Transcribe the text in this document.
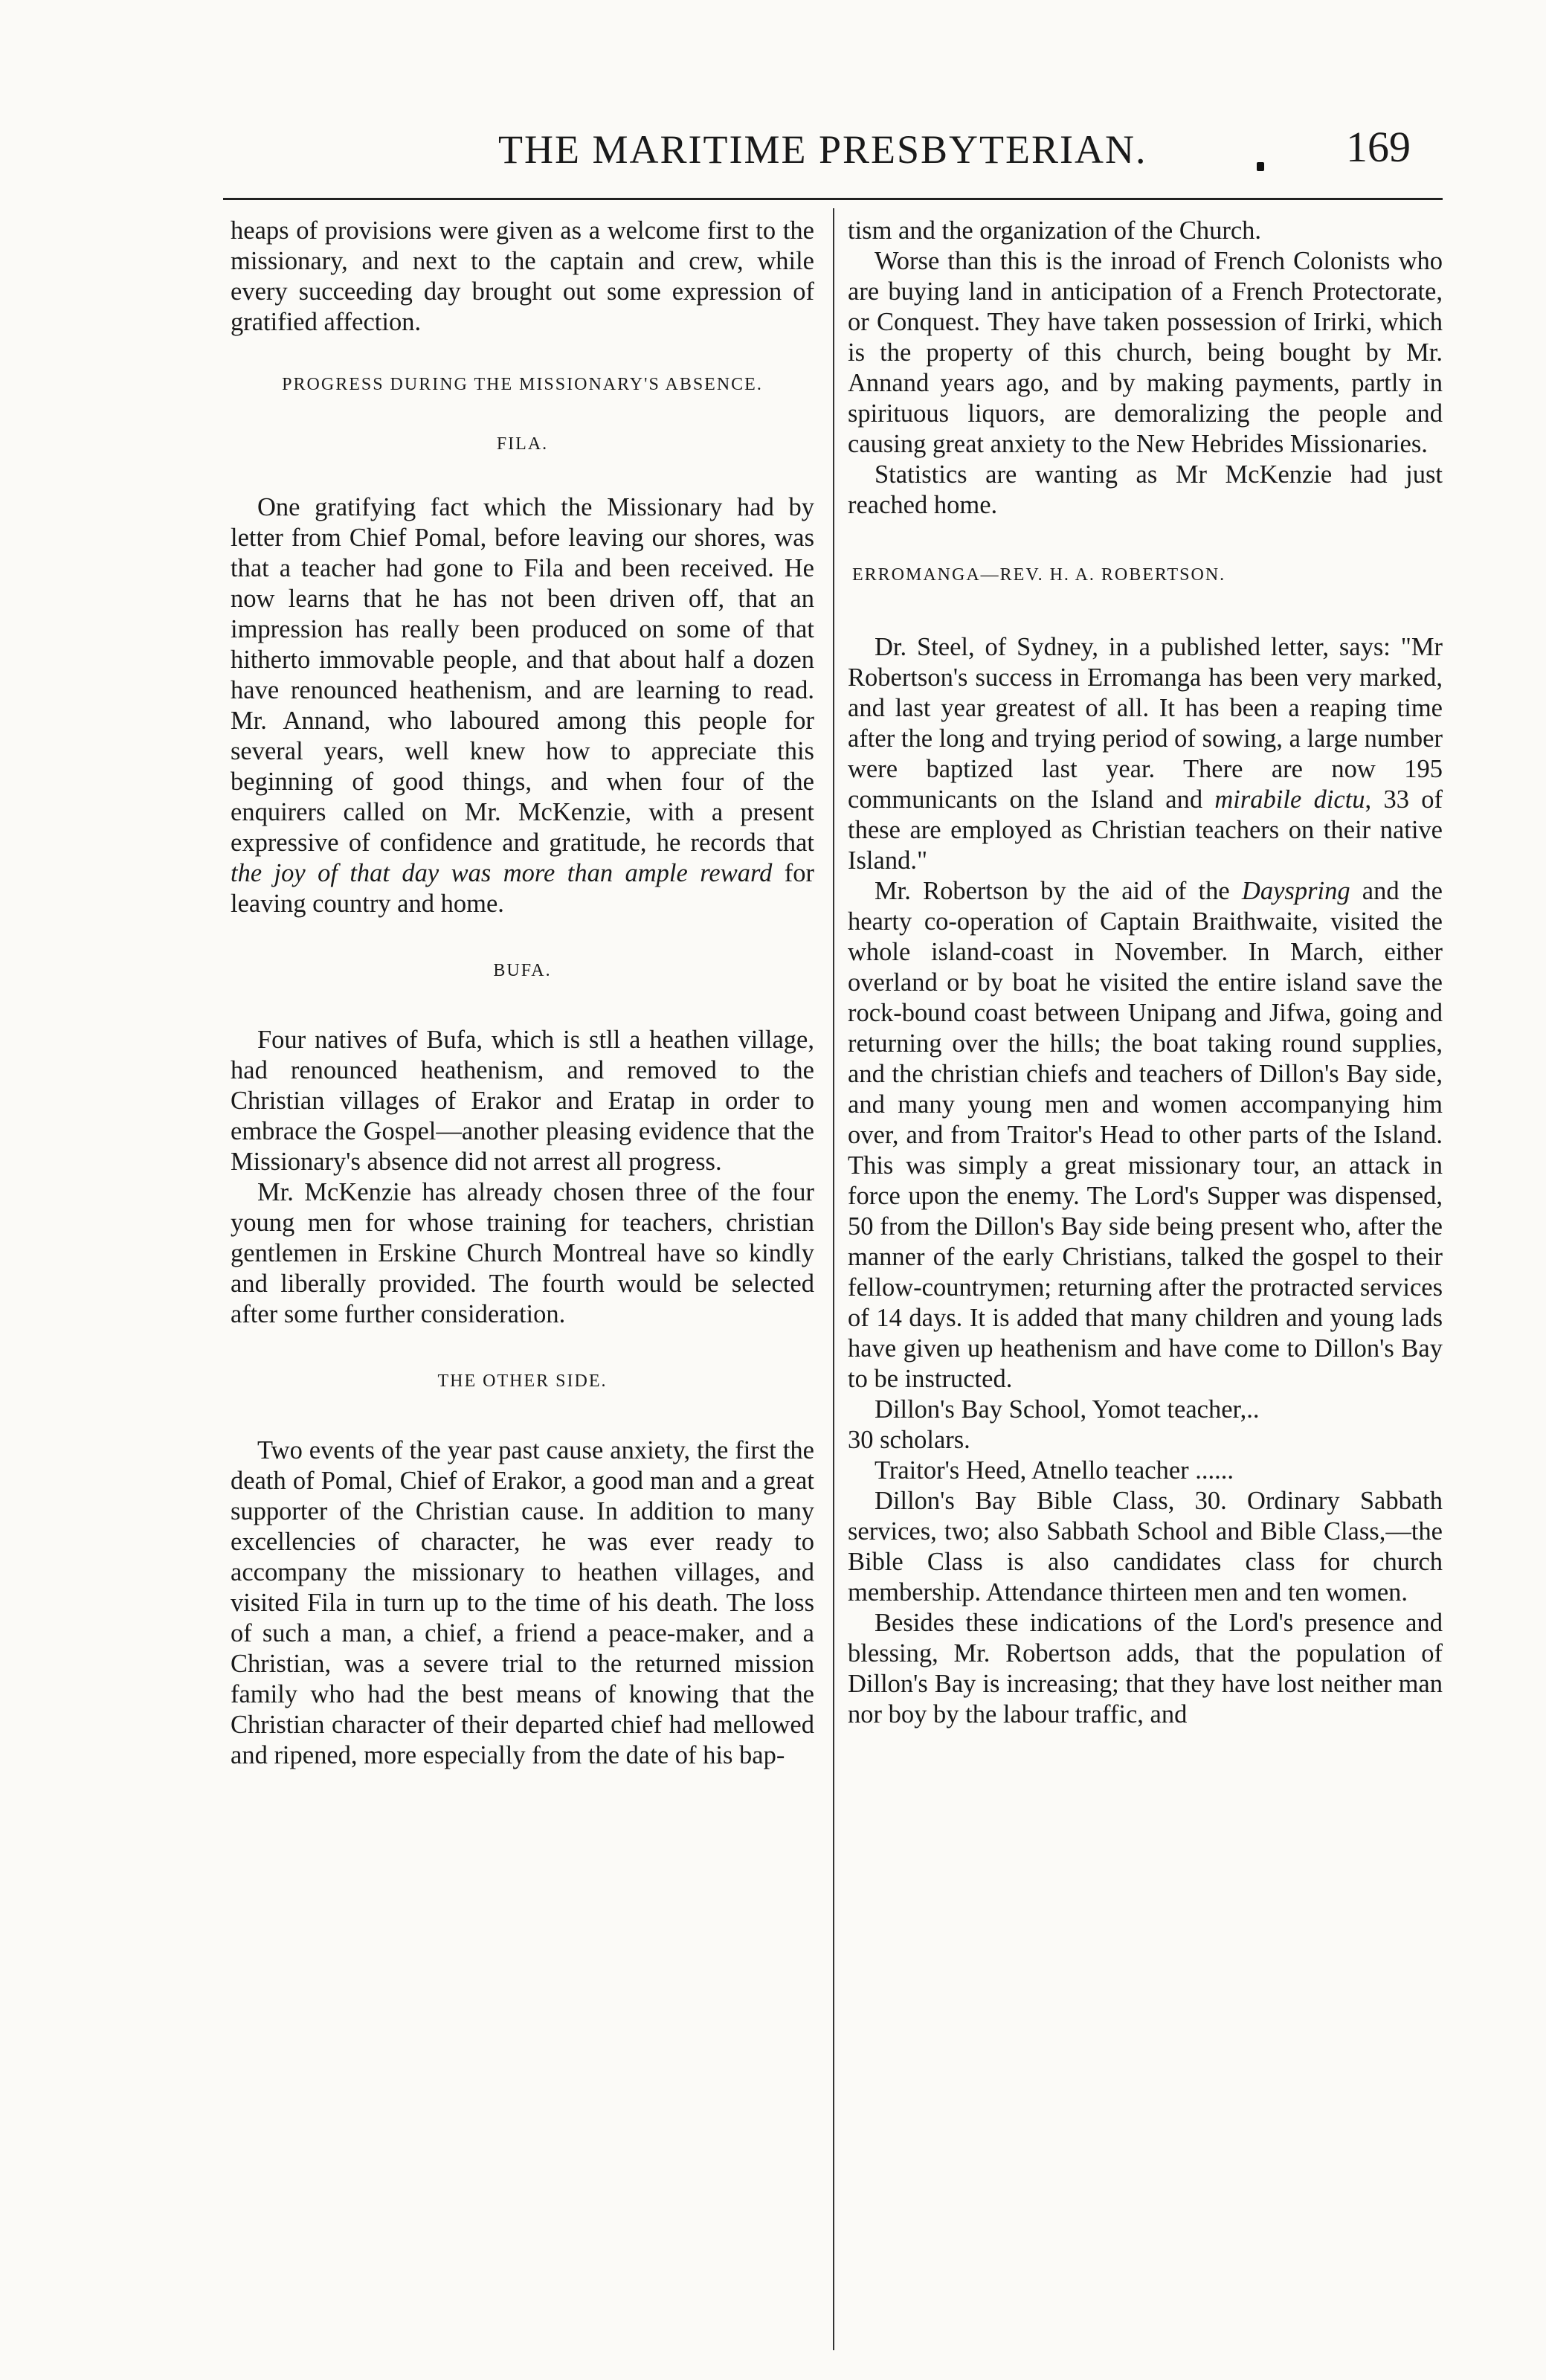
THE MARITIME PRESBYTERIAN.	169

heaps of provisions were given as a welcome first to the missionary, and next to the captain and crew, while every succeeding day brought out some expression of gratified affection.

PROGRESS DURING THE MISSIONARY'S ABSENCE.
FILA.

One gratifying fact which the Missionary had by letter from Chief Pomal, before leaving our shores, was that a teacher had gone to Fila and been received. He now learns that he has not been driven off, that an impression has really been produced on some of that hitherto immovable people, and that about half a dozen have renounced heathenism, and are learning to read. Mr. Annand, who laboured among this people for several years, well knew how to appreciate this beginning of good things, and when four of the enquirers called on Mr. McKenzie, with a present expressive of confidence and gratitude, he records that the joy of that day was more than ample reward for leaving country and home.

BUFA.

Four natives of Bufa, which is stll a heathen village, had renounced heathenism, and removed to the Christian villages of Erakor and Eratap in order to embrace the Gospel—another pleasing evidence that the Missionary's absence did not arrest all progress.

Mr. McKenzie has already chosen three of the four young men for whose training for teachers, christian gentlemen in Erskine Church Montreal have so kindly and liberally provided. The fourth would be selected after some further consideration.

THE OTHER SIDE.

Two events of the year past cause anxiety, the first the death of Pomal, Chief of Erakor, a good man and a great supporter of the Christian cause. In addition to many excellencies of character, he was ever ready to accompany the missionary to heathen villages, and visited Fila in turn up to the time of his death. The loss of such a man, a chief, a friend a peace-maker, and a Christian, was a severe trial to the returned mission family who had the best means of knowing that the Christian character of their departed chief had mellowed and ripened, more especially from the date of his bap-

tism and the organization of the Church.

Worse than this is the inroad of French Colonists who are buying land in anticipation of a French Protectorate, or Conquest. They have taken possession of Irirki, which is the property of this church, being bought by Mr. Annand years ago, and by making payments, partly in spirituous liquors, are demoralizing the people and causing great anxiety to the New Hebrides Missionaries.

Statistics are wanting as Mr McKenzie had just reached home.

ERROMANGA—REV. H. A. ROBERTSON.

Dr. Steel, of Sydney, in a published letter, says: "Mr Robertson's success in Erromanga has been very marked, and last year greatest of all. It has been a reaping time after the long and trying period of sowing, a large number were baptized last year. There are now 195 communicants on the Island and mirabile dictu, 33 of these are employed as Christian teachers on their native Island."

Mr. Robertson by the aid of the Dayspring and the hearty co-operation of Captain Braithwaite, visited the whole island-coast in November. In March, either overland or by boat he visited the entire island save the rock-bound coast between Unipang and Jifwa, going and returning over the hills; the boat taking round supplies, and the christian chiefs and teachers of Dillon's Bay side, and many young men and women accompanying him over, and from Traitor's Head to other parts of the Island. This was simply a great missionary tour, an attack in force upon the enemy. The Lord's Supper was dispensed, 50 from the Dillon's Bay side being present who, after the manner of the early Christians, talked the gospel to their fellow-countrymen; returning after the protracted services of 14 days. It is added that many children and young lads have given up heathenism and have come to Dillon's Bay to be instructed.

Dillon's Bay School, Yomot teacher,..

30 scholars.

Traitor's Heed, Atnello teacher ......

Dillon's Bay Bible Class, 30. Ordinary Sabbath services, two; also Sabbath School and Bible Class,—the Bible Class is also candidates class for church membership. Attendance thirteen men and ten women.

Besides these indications of the Lord's presence and blessing, Mr. Robertson adds, that the population of Dillon's Bay is increasing; that they have lost neither man nor boy by the labour traffic, and
